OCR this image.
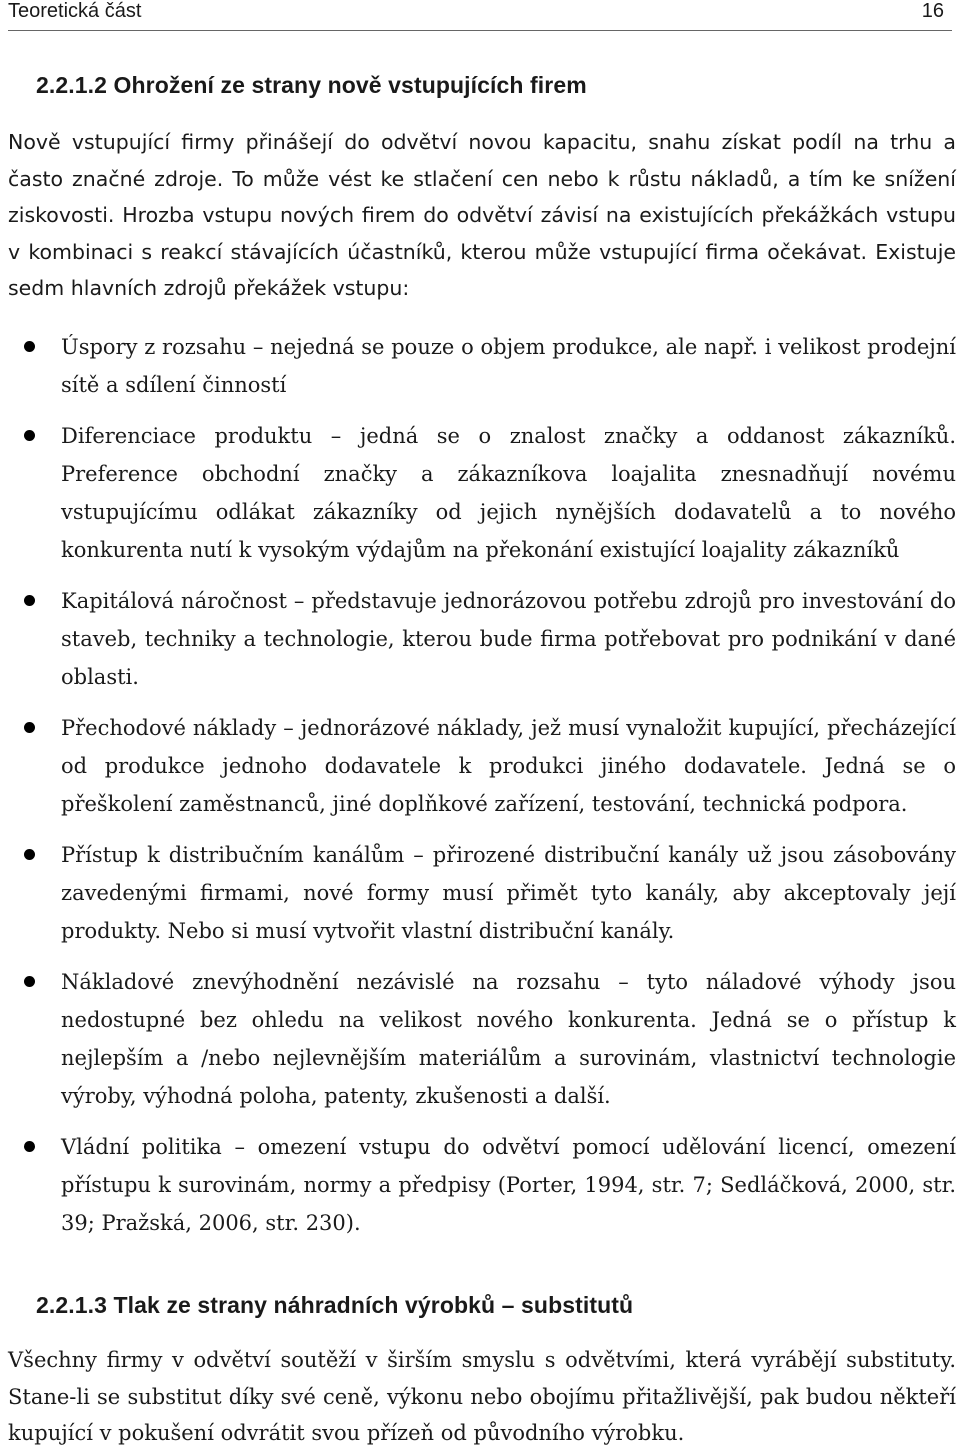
Teoretická část	16
2.2.1.2 Ohrožení ze strany nově vstupujících firem

Nově vstupující firmy přinášejí do odvětví novou kapacitu, snahu získat podíl na trhu a často značné zdroje. To může vést ke stlačení cen nebo k růstu nákladů, a tím ke snížení ziskovosti. Hrozba vstupu nových firem do odvětví závisí na existujících překážkách vstupu v kombinaci s reakcí stávajících účastníků, kterou může vstupující firma očekávat. Existuje sedm hlavních zdrojů překážek vstupu:

Úspory z rozsahu – nejedná se pouze o objem produkce, ale např. i velikost prodejní sítě a sdílení činností
Diferenciace produktu – jedná se o znalost značky a oddanost zákazníků. Preference obchodní značky a zákazníkova loajalita znesnadňují novému vstupujícímu odlákat zákazníky od jejich nynějších dodavatelů a to nového konkurenta nutí k vysokým výdajům na překonání existující loajality zákazníků
Kapitálová náročnost – představuje jednorázovou potřebu zdrojů pro investování do staveb, techniky a technologie, kterou bude firma potřebovat pro podnikání v dané oblasti.
Přechodové náklady – jednorázové náklady, jež musí vynaložit kupující, přecházející od produkce jednoho dodavatele k produkci jiného dodavatele. Jedná se o přeškolení zaměstnanců, jiné doplňkové zařízení, testování, technická podpora.
Přístup k distribučním kanálům – přirozené distribuční kanály už jsou zásobovány zavedenými firmami, nové formy musí přimět tyto kanály, aby akceptovaly její produkty. Nebo si musí vytvořit vlastní distribuční kanály.
Nákladové znevýhodnění nezávislé na rozsahu – tyto náladové výhody jsou nedostupné bez ohledu na velikost nového konkurenta. Jedná se o přístup k nejlepším a /nebo nejlevnějším materiálům a surovinám, vlastnictví technologie výroby, výhodná poloha, patenty, zkušenosti a další.
Vládní politika – omezení vstupu do odvětví pomocí udělování licencí, omezení přístupu k surovinám, normy a předpisy (Porter, 1994, str. 7; Sedláčková, 2000, str. 39; Pražská, 2006, str. 230).
2.2.1.3 Tlak ze strany náhradních výrobků – substitutů

Všechny firmy v odvětví soutěží v širším smyslu s odvětvími, která vyrábějí substituty. Stane-li se substitut díky své ceně, výkonu nebo obojímu přitažlivější, pak budou někteří kupující v pokušení odvrátit svou přízeň od původního výrobku.
